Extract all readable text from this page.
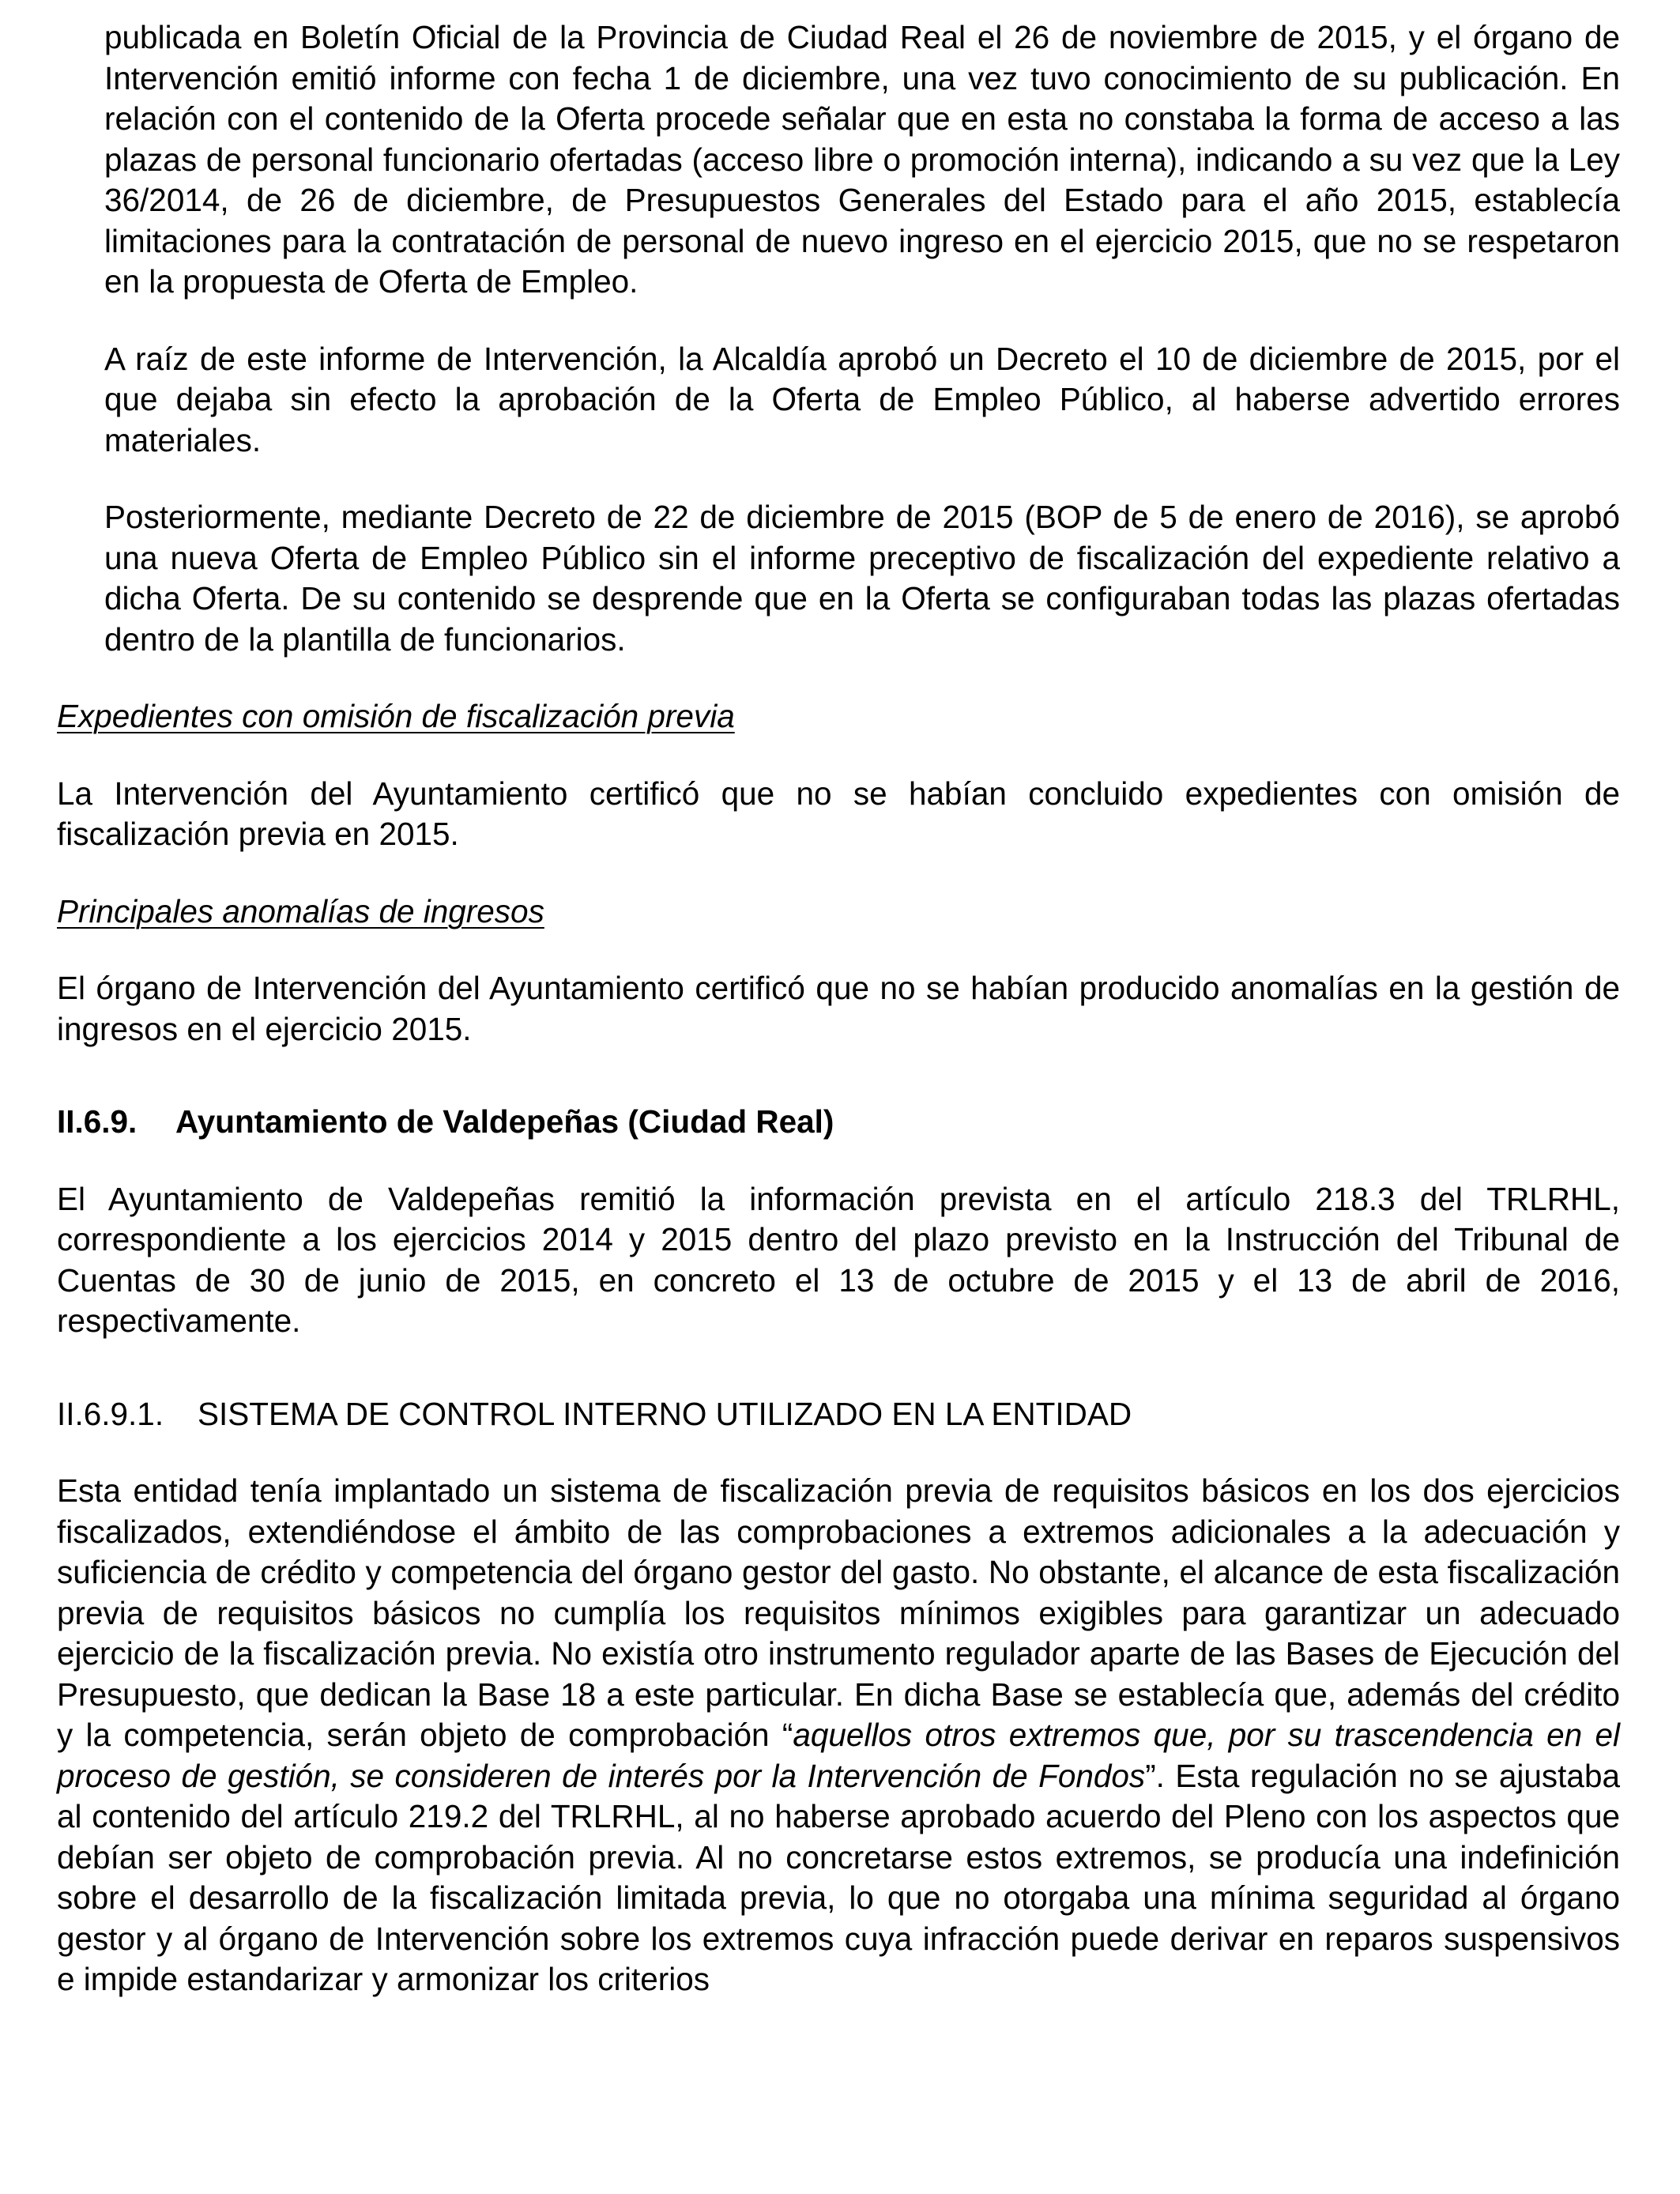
publicada en Boletín Oficial de la Provincia de Ciudad Real el 26 de noviembre de 2015, y el órgano de Intervención emitió informe con fecha 1 de diciembre, una vez tuvo conocimiento de su publicación. En relación con el contenido de la Oferta procede señalar que en esta no constaba la forma de acceso a las plazas de personal funcionario ofertadas (acceso libre o promoción interna), indicando a su vez que la Ley 36/2014, de 26 de diciembre, de Presupuestos Generales del Estado para el año 2015, establecía limitaciones para la contratación de personal de nuevo ingreso en el ejercicio 2015, que no se respetaron en la propuesta de Oferta de Empleo.

A raíz de este informe de Intervención, la Alcaldía aprobó un Decreto el 10 de diciembre de 2015, por el que dejaba sin efecto la aprobación de la Oferta de Empleo Público, al haberse advertido errores materiales.

Posteriormente, mediante Decreto de 22 de diciembre de 2015 (BOP de 5 de enero de 2016), se aprobó una nueva Oferta de Empleo Público sin el informe preceptivo de fiscalización del expediente relativo a dicha Oferta. De su contenido se desprende que en la Oferta se configuraban todas las plazas ofertadas dentro de la plantilla de funcionarios.

Expedientes con omisión de fiscalización previa

La Intervención del Ayuntamiento certificó que no se habían concluido expedientes con omisión de fiscalización previa en 2015.

Principales anomalías de ingresos

El órgano de Intervención del Ayuntamiento certificó que no se habían producido anomalías en la gestión de ingresos en el ejercicio 2015.

II.6.9. Ayuntamiento de Valdepeñas (Ciudad Real)

El Ayuntamiento de Valdepeñas remitió la información prevista en el artículo 218.3 del TRLRHL, correspondiente a los ejercicios 2014 y 2015 dentro del plazo previsto en la Instrucción del Tribunal de Cuentas de 30 de junio de 2015, en concreto el 13 de octubre de 2015 y el 13 de abril de 2016, respectivamente.

II.6.9.1. SISTEMA DE CONTROL INTERNO UTILIZADO EN LA ENTIDAD

Esta entidad tenía implantado un sistema de fiscalización previa de requisitos básicos en los dos ejercicios fiscalizados, extendiéndose el ámbito de las comprobaciones a extremos adicionales a la adecuación y suficiencia de crédito y competencia del órgano gestor del gasto. No obstante, el alcance de esta fiscalización previa de requisitos básicos no cumplía los requisitos mínimos exigibles para garantizar un adecuado ejercicio de la fiscalización previa. No existía otro instrumento regulador aparte de las Bases de Ejecución del Presupuesto, que dedican la Base 18 a este particular. En dicha Base se establecía que, además del crédito y la competencia, serán objeto de comprobación “aquellos otros extremos que, por su trascendencia en el proceso de gestión, se consideren de interés por la Intervención de Fondos”. Esta regulación no se ajustaba al contenido del artículo 219.2 del TRLRHL, al no haberse aprobado acuerdo del Pleno con los aspectos que debían ser objeto de comprobación previa. Al no concretarse estos extremos, se producía una indefinición sobre el desarrollo de la fiscalización limitada previa, lo que no otorgaba una mínima seguridad al órgano gestor y al órgano de Intervención sobre los extremos cuya infracción puede derivar en reparos suspensivos e impide estandarizar y armonizar los criterios
